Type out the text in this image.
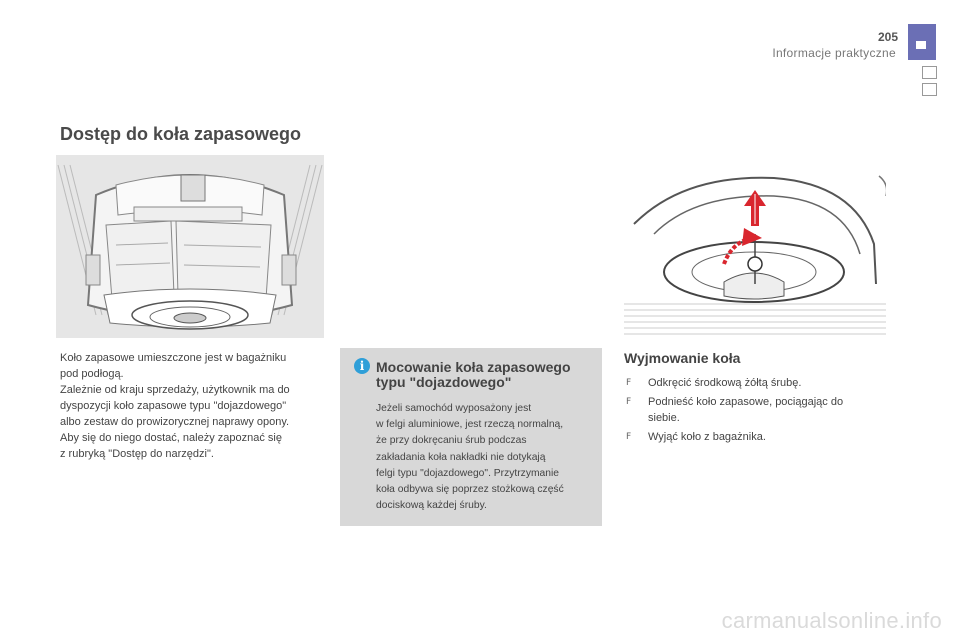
205
Informacje praktyczne
Dostęp do koła zapasowego
Koło zapasowe umieszczone jest w bagażniku
pod podłogą.
Zależnie od kraju sprzedaży, użytkownik ma do
dyspozycji koło zapasowe typu "dojazdowego"
albo zestaw do prowizorycznej naprawy opony.
Aby się do niego dostać, należy zapoznać się
z rubryką "Dostęp do narzędzi".
i Mocowanie koła zapasowego
typu "dojazdowego"
Jeżeli samochód wyposażony jest
w felgi aluminiowe, jest rzeczą normalną,
że przy dokręcaniu śrub podczas
zakładania koła nakładki nie dotykają
felgi typu "dojazdowego". Przytrzymanie
koła odbywa się poprzez stożkową część
dociskową każdej śruby.
Wyjmowanie koła
F Odkręcić środkową żółtą śrubę.
F Podnieść koło zapasowe, pociągając do
siebie.
F Wyjąć koło z bagażnika.
carmanualsonline.info
